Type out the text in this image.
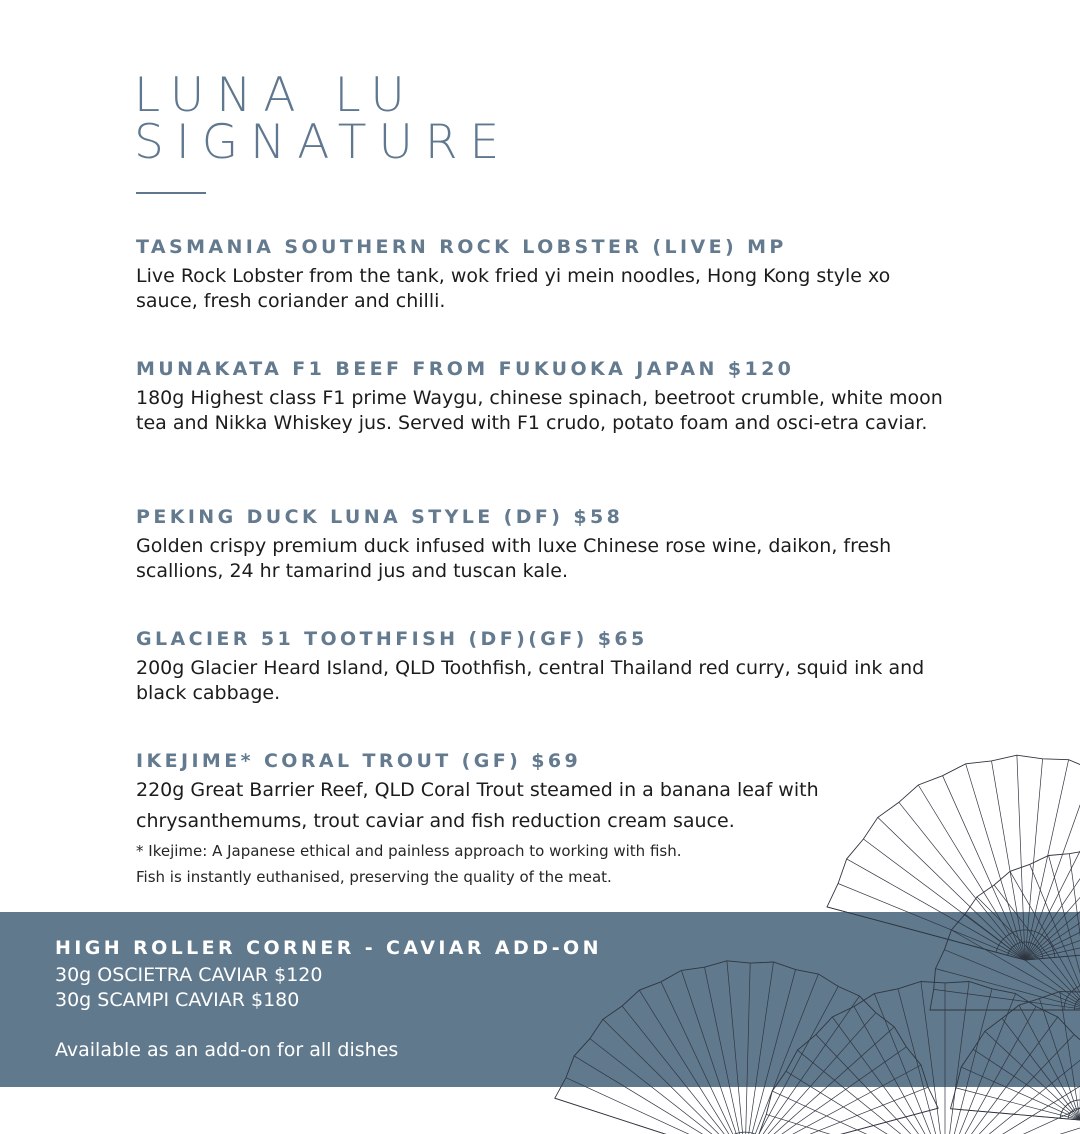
LUNA LU
SIGNATURE
TASMANIA SOUTHERN ROCK LOBSTER (LIVE) MP
Live Rock Lobster from the tank, wok fried yi mein noodles, Hong Kong style xo sauce, fresh coriander and chilli.
MUNAKATA F1 BEEF FROM FUKUOKA JAPAN $120
180g Highest class F1 prime Waygu, chinese spinach, beetroot crumble, white moon tea and Nikka Whiskey jus. Served with F1 crudo, potato foam and osci-etra caviar.
PEKING DUCK LUNA STYLE (DF) $58
Golden crispy premium duck infused with luxe Chinese rose wine, daikon, fresh scallions, 24 hr tamarind jus and tuscan kale.
GLACIER 51 TOOTHFISH (DF)(GF) $65
200g Glacier Heard Island, QLD Toothfish, central Thailand red curry, squid ink and black cabbage.
IKEJIME* CORAL TROUT (GF) $69
220g Great Barrier Reef, QLD Coral Trout steamed in a banana leaf with chrysanthemums, trout caviar and fish reduction cream sauce.
* Ikejime: A Japanese ethical and painless approach to working with fish.
Fish is instantly euthanised, preserving the quality of the meat.
HIGH ROLLER CORNER - CAVIAR ADD-ON
30g OSCIETRA CAVIAR $120
30g SCAMPI CAVIAR $180
Available as an add-on for all dishes
